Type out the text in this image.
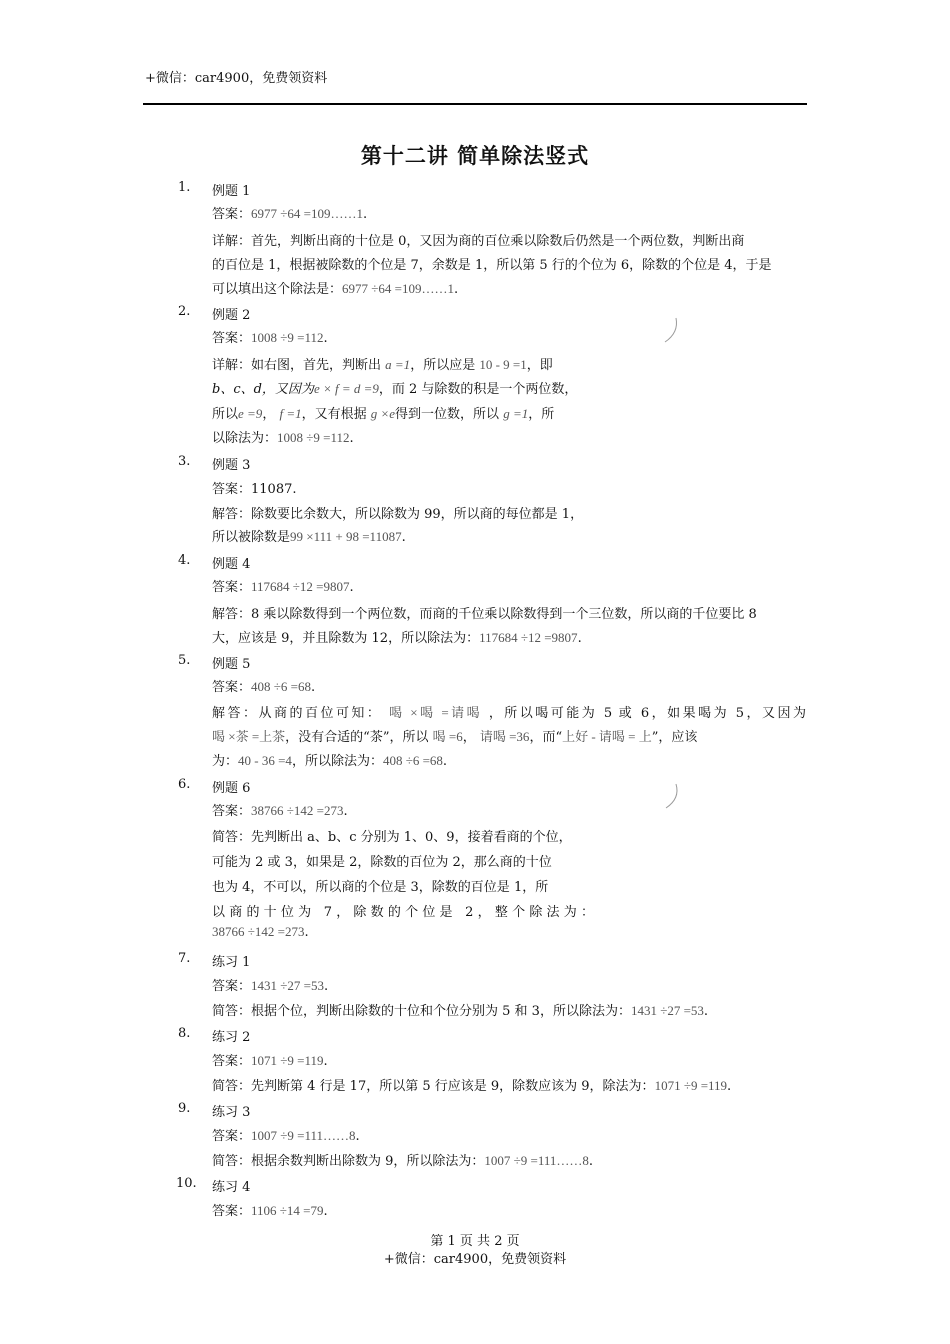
+微信：car4900，免费领资料
第十二讲 简单除法竖式
1. 例题 1
答案：6977 ÷64 =109……1.
详解：首先，判断出商的十位是 0，又因为商的百位乘以除数后仍然是一个两位数，判断出商
的百位是 1，根据被除数的个位是 7，余数是 1，所以第 5 行的个位为 6，除数的个位是 4，于是
可以填出这个除法是：6977 ÷64 =109……1.
2. 例题 2
答案：1008 ÷9 =112.
详解：如右图，首先，判断出 a =1，所以应是 10 - 9 =1，即
b、c、d，又因为e × f = d =9，而 2 与除数的积是一个两位数，
所以e =9， f =1，又有根据 g ×e得到一位数，所以 g =1，所
以除法为：1008 ÷9 =112.
3. 例题 3
答案：11087.
解答：除数要比余数大，所以除数为 99，所以商的每位都是 1，
所以被除数是99 ×111 + 98 =11087.
4. 例题 4
答案：117684 ÷12 =9807.
解答：8 乘以除数得到一个两位数，而商的千位乘以除数得到一个三位数，所以商的千位要比 8
大，应该是 9，并且除数为 12，所以除法为：117684 ÷12 =9807.
5. 例题 5
答案：408 ÷6 =68.
解答：从商的百位可知： 喝 ×喝 =请喝 ，所以喝可能为 5 或 6，如果喝为 5，又因为
喝 ×茶 =上茶，没有合适的“茶”，所以 喝 =6， 请喝 =36，而“上好 - 请喝 = 上”，应该
为：40 - 36 =4，所以除法为：408 ÷6 =68.
6. 例题 6
答案：38766 ÷142 =273.
简答：先判断出 a、b、c 分别为 1、0、9，接着看商的个位，
可能为 2 或 3，如果是 2，除数的百位为 2，那么商的十位
也为 4，不可以，所以商的个位是 3，除数的百位是 1，所
以商的十位为 7，除数的个位是 2，整个除法为：
38766 ÷142 =273.
7. 练习 1
答案：1431 ÷27 =53.
简答：根据个位，判断出除数的十位和个位分别为 5 和 3，所以除法为：1431 ÷27 =53.
8. 练习 2
答案：1071 ÷9 =119.
简答：先判断第 4 行是 17，所以第 5 行应该是 9，除数应该为 9，除法为：1071 ÷9 =119.
9. 练习 3
答案：1007 ÷9 =111……8.
简答：根据余数判断出除数为 9，所以除法为：1007 ÷9 =111……8.
10. 练习 4
答案：1106 ÷14 =79.
第 1 页 共 2 页
+微信：car4900，免费领资料
